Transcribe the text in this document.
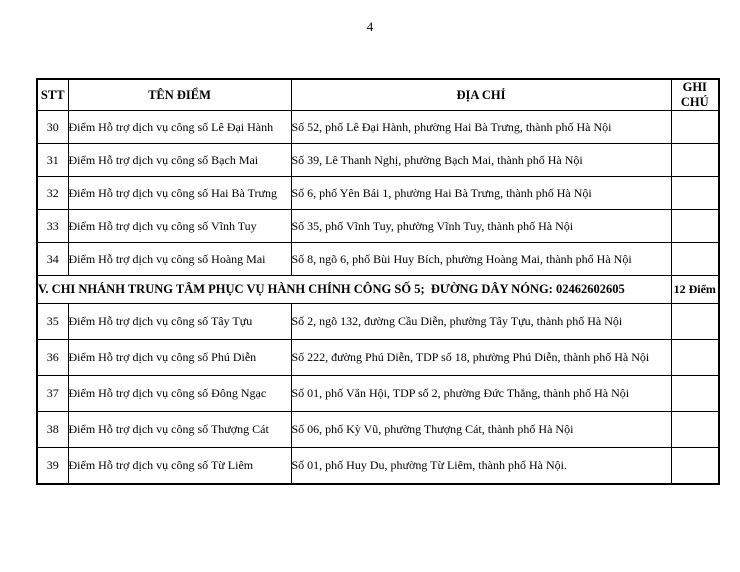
4
STT	TÊN ĐIỂM	ĐỊA CHỈ	GHI CHÚ
30	Điểm Hỗ trợ dịch vụ công số Lê Đại Hành	Số 52, phố Lê Đại Hành, phường Hai Bà Trưng, thành phố Hà Nội	
31	Điểm Hỗ trợ dịch vụ công số Bạch Mai	Số 39, Lê Thanh Nghị, phường Bạch Mai, thành phố Hà Nội	
32	Điểm Hỗ trợ dịch vụ công số Hai Bà Trưng	Số 6, phố Yên Bái 1, phường Hai Bà Trưng, thành phố Hà Nội	
33	Điểm Hỗ trợ dịch vụ công số Vĩnh Tuy	Số 35, phố Vĩnh Tuy, phường Vĩnh Tuy, thành phố Hà Nội	
34	Điểm Hỗ trợ dịch vụ công số Hoàng Mai	Số 8, ngõ 6, phố Bùi Huy Bích, phường Hoàng Mai, thành phố Hà Nội	
V. CHI NHÁNH TRUNG TÂM PHỤC VỤ HÀNH CHÍNH CÔNG SỐ 5;  ĐƯỜNG DÂY NÓNG: 02462602605			12 Điểm
35	Điểm Hỗ trợ dịch vụ công số Tây Tựu	Số 2, ngõ 132, đường Cầu Diễn, phường Tây Tựu, thành phố Hà Nội	
36	Điểm Hỗ trợ dịch vụ công số Phú Diễn	Số 222, đường Phú Diễn, TDP số 18, phường Phú Diễn, thành phố Hà Nội	
37	Điểm Hỗ trợ dịch vụ công số Đông Ngạc	Số 01, phố Văn Hội, TDP số 2, phường Đức Thắng, thành phố Hà Nội	
38	Điểm Hỗ trợ dịch vụ công số Thượng Cát	Số 06, phố Kỳ Vũ, phường Thượng Cát, thành phố Hà Nội	
39	Điểm Hỗ trợ dịch vụ công số Từ Liêm	Số 01, phố Huy Du, phường Từ Liêm, thành phố Hà Nội.	
